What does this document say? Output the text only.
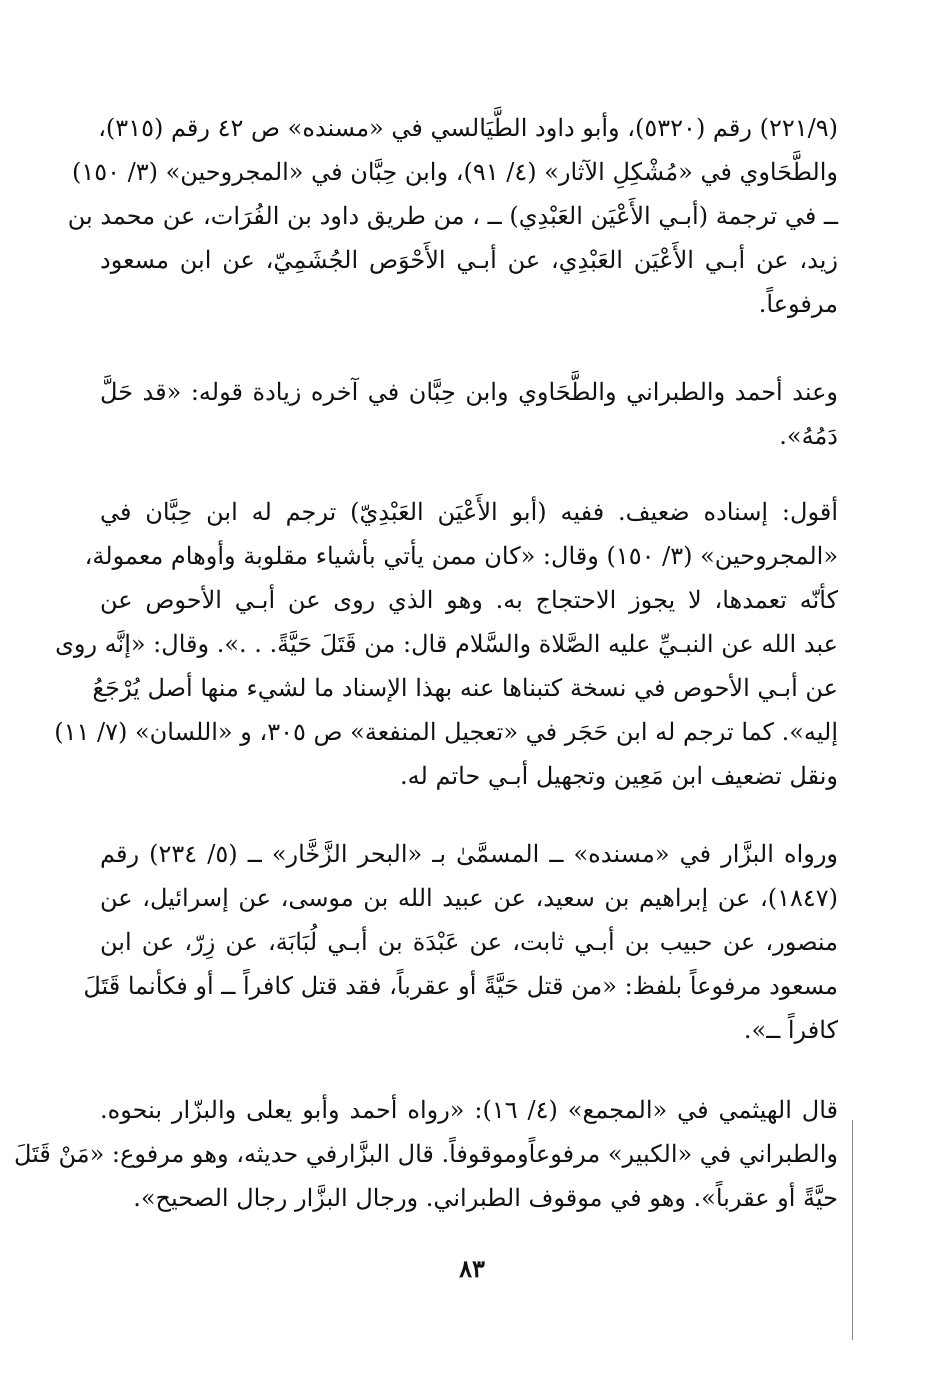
(٢٢١/٩) رقم (٥٣٢٠)، وأبو داود الطَّيَالسي في «مسنده» ص ٤٢ رقم (٣١٥)،
والطَّحَاوي في «مُشْكِلِ الآثار» (٤/ ٩١)، وابن حِبَّان في «المجروحين» (٣/ ١٥٠)
ــ في ترجمة (أبـي الأَعْيَن العَبْدِي) ــ ، من طريق داود بن الفُرَات، عن محمد بن
زيد، عن أبـي الأَعْيَن العَبْدِي، عن أبـي الأَحْوَص الجُشَمِيّ، عن ابن مسعود
مرفوعاً.
وعند أحمد والطبراني والطَّحَاوي وابن حِبَّان في آخره زيادة قوله: «قد حَلَّ
دَمُهُ».
أقول: إسناده ضعيف. ففيه (أبو الأَعْيَن العَبْدِيّ) ترجم له ابن حِبَّان في
«المجروحين» (٣/ ١٥٠) وقال: «كان ممن يأتي بأشياء مقلوبة وأوهام معمولة،
كأنّه تعمدها، لا يجوز الاحتجاج به. وهو الذي روى عن أبـي الأحوص عن
عبد الله عن النبـيِّ عليه الصَّلاة والسَّلام قال: من قَتَلَ حَيَّةً. . .». وقال: «إنَّه روى
عن أبـي الأحوص في نسخة كتبناها عنه بهذا الإسناد ما لشيء منها أصل يُرْجَعُ
إليه». كما ترجم له ابن حَجَر في «تعجيل المنفعة» ص ٣٠٥، و «اللسان» (٧/ ١١)
ونقل تضعيف ابن مَعِين وتجهيل أبـي حاتم له.
ورواه البزَّار في «مسنده» ــ المسمَّىٰ بـ «البحر الزَّخَّار» ــ (٥/ ٢٣٤) رقم
(١٨٤٧)، عن إبراهيم بن سعيد، عن عبيد الله بن موسى، عن إسرائيل، عن
منصور، عن حبيب بن أبـي ثابت، عن عَبْدَة بن أبـي لُبَابَة، عن زِرّ، عن ابن
مسعود مرفوعاً بلفظ: «من قتل حَيَّةً أو عقرباً، فقد قتل كافراً ــ أو فكأنما قَتَلَ
كافراً ــ».
قال الهيثمي في «المجمع» (٤/ ١٦): «رواه أحمد وأبو يعلى والبزّار بنحوه.
والطبراني في «الكبير» مرفوعاًوموقوفاً. قال البزَّارفي حديثه، وهو مرفوع: «مَنْ قَتَلَ
حيَّةً أو عقرباً». وهو في موقوف الطبراني. ورجال البزَّار رجال الصحيح».
٨٣
